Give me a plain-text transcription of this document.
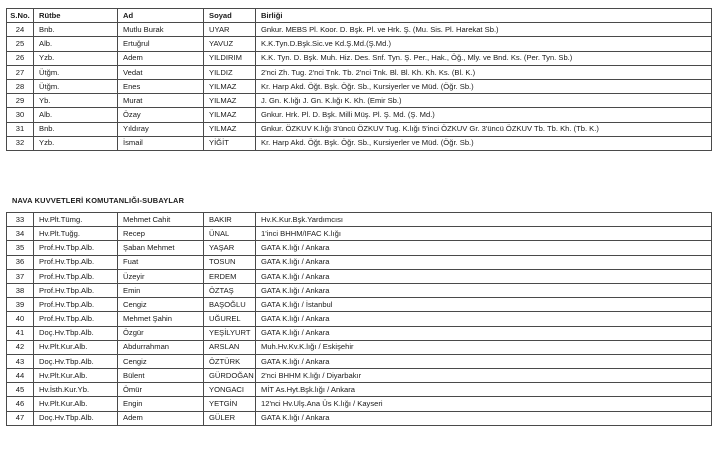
S.No.	Rütbe	Ad	Soyad	Birliği
24	Bnb.	Mutlu Burak	UYAR	Gnkur. MEBS Pl. Koor. D. Bşk. Pl. ve Hrk. Ş. (Mu. Sis. Pl. Harekat Sb.)
25	Alb.	Ertuğrul	YAVUZ	K.K.Tyn.D.Bşk.Sic.ve Kd.Ş.Md.(Ş.Md.)
26	Yzb.	Adem	YILDIRIM	K.K. Tyn. D. Bşk. Muh. Hiz. Des. Snf. Tyn. Ş. Per., Hak., Öğ., Mly. ve Bnd. Ks. (Per. Tyn. Sb.)
27	Ütğm.	Vedat	YILDIZ	2'nci Zh. Tug. 2'nci Tnk. Tb. 2'nci Tnk. Bl. Bl. Kh. Kh. Ks. (Bl. K.)
28	Ütğm.	Enes	YILMAZ	Kr. Harp Akd. Öğt. Bşk. Öğr. Sb., Kursiyerler ve Müd. (Öğr. Sb.)
29	Yb.	Murat	YILMAZ	J. Gn. K.lığı J. Gn. K.lığı K. Kh. (Emir Sb.)
30	Alb.	Özay	YILMAZ	Gnkur. Hrk. Pl. D. Bşk. Milli Müş. Pl. Ş. Md. (Ş. Md.)
31	Bnb.	Yıldıray	YILMAZ	Gnkur. ÖZKUV K.lığı 3'üncü ÖZKUV Tug. K.lığı 5'inci ÖZKUV Gr. 3'üncü ÖZKUV Tb. Tb. Kh. (Tb. K.)
32	Yzb.	İsmail	YİĞİT	Kr. Harp Akd. Öğt. Bşk. Öğr. Sb., Kursiyerler ve Müd. (Öğr. Sb.)
NAVA KUVVETLERİ KOMUTANLIĞI-SUBAYLAR
33	Hv.Plt.Tümg.	Mehmet Cahit	BAKIR	Hv.K.Kur.Bşk.Yardımcısı
34	Hv.Plt.Tuğg.	Recep	ÜNAL	1'inci BHHM/IFAC K.lığı
35	Prof.Hv.Tbp.Alb.	Şaban Mehmet	YAŞAR	GATA K.lığı / Ankara
36	Prof.Hv.Tbp.Alb.	Fuat	TOSUN	GATA K.lığı / Ankara
37	Prof.Hv.Tbp.Alb.	Üzeyir	ERDEM	GATA K.lığı / Ankara
38	Prof.Hv.Tbp.Alb.	Emin	ÖZTAŞ	GATA K.lığı / Ankara
39	Prof.Hv.Tbp.Alb.	Cengiz	BAŞOĞLU	GATA K.lığı / İstanbul
40	Prof.Hv.Tbp.Alb.	Mehmet Şahin	UĞUREL	GATA K.lığı / Ankara
41	Doç.Hv.Tbp.Alb.	Özgür	YEŞİLYURT	GATA K.lığı / Ankara
42	Hv.Plt.Kur.Alb.	Abdurrahman	ARSLAN	Muh.Hv.Kv.K.lığı / Eskişehir
43	Doç.Hv.Tbp.Alb.	Cengiz	ÖZTÜRK	GATA K.lığı / Ankara
44	Hv.Plt.Kur.Alb.	Bülent	GÜRDOĞAN	2'nci BHHM K.lığı / Diyarbakır
45	Hv.İsth.Kur.Yb.	Ömür	YONGACI	MİT As.Hyt.Bşk.lığı / Ankara
46	Hv.Plt.Kur.Alb.	Engin	YETGİN	12'nci Hv.Ulş.Ana Üs K.lığı / Kayseri
47	Doç.Hv.Tbp.Alb.	Adem	GÜLER	GATA K.lığı / Ankara
